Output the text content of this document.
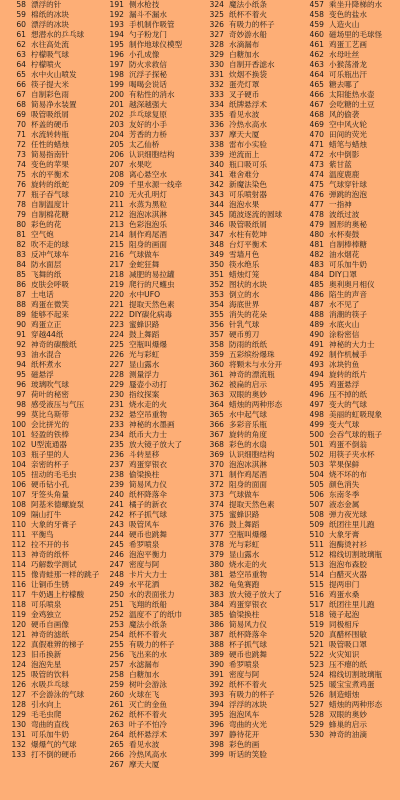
58 漂浮的针
59 棉纸的冰块
60 漂浮的冰块
61 想潜水的乒乓球
62 水往高处流
63 柠檬吸气球
64 柠檬喷火
65 水中火山喷发
66 筷子提大米
67 自制彩色雨
68 简易净水装置
69 吸管吸纸屑
70 杯盖的硬币
71 水流转转瓶
72 任性的蜡烛
73 简易指南针
74 变色的苹果
75 水的平衡术
76 旋转的纸蛇
77 瓶子吞气球
78 自制温度计
79 自制棉花糖
80 彩色的花
81 空气炮
82 吹不走的球
83 反冲气球车
84 防水面层
85 飞舞的纸
86 皮肤会呼吸
87 土电话
88 鸡蛋在微笑
89 能够不起来
90 鸡蛋立正
91 穿越44纸
92 神奇的碳酸纸
93 油水混合
94 纸杯煮水
95 磁悬浮
96 玻璃吹气球
97 荷叶的秘密
98 感受液压与气压
99 莫比乌斯带
100 会比拼光的
101 轻盈的铁棒
102 U型流通器
103 瓶子里的人
104 亲密的杯子
105 扭动的毛毛虫
106 硬币钻小孔
107 牙签头角量
108 阿基米德螺旋泵
109 隔山打牛
110 大象的牙膏子
111 平衡鸟
112 拉不开的书
113 神奇的纸杯
114 巧解数学测试
115 像青蛙那一样的跳子
116 让铜币生锈
117 牛奶遇上柠檬酸
118 可乐喷泉
119 金鸡独立
120 硬币自画像
121 神奇的滤纸
122 真假难辨的梯子
123 旧币换新
124 泡泡先星
125 吸管的饮料
126 水吸乒乓球
127 不会游泳的气球
128 引水向上
129 毛毛虫爬
130 弯曲的直线
131 可乐加牛奶
132 爆爆气的气球
133 打不倒的硬币
191 侧水枪技
192 漏斗不漏水
193 手机制作吸管
194 勺子粉龙门
195 制作地球仪模型
196 小孔成像
197 防火求救信
198 沉浮子探秘
199 喝喝会说话
200 有粘性的消水
201 越深越强大
202 乒乓球复原
203 友好的小手
204 芳香的力桥
205 太乙仙桥
206 认识细胞结构
207 水果吃
208 离心悬空水
209 千里水源一线牵
210 无火孔明灯
211 水蒸为黑粒
212 泡泡冰淇淋
213 色彩泡泡乐
214 制作鸡尾酒
215 阻身的画面
216 气球做车
217 金蛇狂舞
218 减肥的易拉罐
219 爬行的尺蠖虫
220 水中UFO
221 提取天然色素
222 DIY碳化病毒
223 蜜蜂识路
224 鼓上舞蹈
225 空瓶叫爆爆
226 光与彩虹
227 显山露水
228 测量浮力
229 蜃壶小动打
230 指纹探案
231 烧水走的火
232 悬空吊重物
233 神秘的水墨画
234 纸币大力士
235 放大镜子放大了
236 斗转星移
237 鸡蛋穿银衣
238 偷梁换柱
239 简易风力仪
240 纸杯降落伞
241 橘子的新衣
242 杯子抓气球
243 吸管风车
244 硬币也跳舞
245 希罗喷泉
246 泡泡平衡力
247 密度与阿
248 卡片大力士
249 水平花洒
250 水的表面张力
251 飞翔的纸船
252 温度不了的纸巾
253 魔法小纸条
254 纸杯不着火
255 有吸力的杯子
256 飞出来的水
257 水滤漏布
258 白糖加水
259 树叶会游泳
260 火球在飞
261 灭亡的金鱼
262 纸杯不着火
263 叶子不怕冷
264 纸杯悬浮术
265 看见水波
266 冷热风高水
267 摩天大厦
324 魔法小纸条
325 纸杯不着火
326 有吸力的杯子
327 奇妙游水船
328 水滴漏布
329 白糖加水
330 自制开香滤水
331 炊烟不换袋
332 蛋壳灯罩
333 叉子硬币
334 纸牌悬浮术
335 看见水波
336 冷热水高水
337 摩天大厦
338 雷布小实验
339 逆流而上
340 瓶口吸可乐
341 难舍难分
342 新魔法染色
343 可乐喷射器
344 泡泡水果
345 随波逐流的圆球
346 吸管吸纸屑
347 水柱有乾坤
348 台灯平衡术
349 雪墙月色
350 筷水绝乐
351 蜡烛灯笼
352 图状的水块
353 倒立的水
354 海底世界
355 消失的花朵
356 针乳气球
357 硬币剪刀
358 防雨的纸纸
359 五彩缤纷爆珠
360 将颗未与水分开
361 神奇的漂流瓶
362 被扁的启示
363 双眼的奥妙
364 蜡烛的两种形态
365 水中起气球
366 多彩音乐瓶
367 旋转的角度
368 彩色的水扇
369 认识细胞结构
370 泡泡冰淇淋
371 制作鸡尾酒
372 阻身的面面
373 气球做车
374 提取天然色素
375 蜜蜂识路
376 鼓上舞蹈
377 空瓶叫爆爆
378 光与彩虹
379 显山露水
380 烧水走的火
381 悬空吊重物
382 龟兔赛跑
383 放大镜子放大了
384 鸡蛋穿银衣
385 偷梁换柱
386 简易风力仪
387 纸杯降落伞
388 杯子抓气球
389 硬币也跳舞
390 希罗喷泉
391 密度与阿
392 纸杯不着火
393 有吸力的杯子
394 浮浮的冰块
395 泡泡风车
396 弯曲的火光
397 静待花开
398 彩色的画
399 听话的笑脸
457 乘坐升降梯的水
458 变色的盐水
459 人造火山
460 磁场里的毛球怪
461 鸡蛋工艺画
462 水母吐丝
463 小猴荡滑龙
464 可乐瓶出汗
465 糖去哪了
466 太阳能热水壶
467 会吃糖的土豆
468 风的偷袭
469 空中风火轮
470 田间的荧光
471 蜡笔与蜡烛
472 水中倒影
473 紫甘蓝
474 温度鹿鹿
475 气球穿针球
476 弹跳的泡泡
477 一指神
478 波纸过波
479 圆形的奥秘
480 水杯奏鼓
481 自制棒棒糖
482 油水烟花
483 可乐加牛奶
484 DIY口罩
485 奥利奥月相仪
486 陷生的声音
487 水不见了
488 消潮的筷子
489 水底火山
490 涂粉密信
491 神秘的大力士
492 制作机械手
493 冰块钓鱼
494 旋转的纸片
495 鸡蛋悬浮
496 压不掉的纸
497 变大的气球
498 美丽的虹吸现象
499 变大气球
500 会吞气球的瓶子
501 鸡蛋不倒翁
502 用筷子夹水杯
503 苹果保鲜
504 烧不坏的布
505 颜色消失
506 东南冬季
507 液态金属
508 弹力夜光球
509 纸团往里儿跑
510 大象牙膏
511 泡酶烫衬衫
512 棉线切割玻璃瓶
513 泡泡布森胶
514 白醋灭火器
515 提两串门
516 鸡蛋水桑
517 纸团往里儿跑
518 镜子起泡
519 同极相斥
520 真醋杯围敏
521 吸管吸口罩
522 火灾知识
523 压不瘪的纸
524 棉线切割玻璃瓶
525 暖宝宝煮鸡蛋
526 制造蜡烛
527 蜡烛的两种形态
528 双眼的奥妙
529 蜂巢的启示
530 神奇的油滴
